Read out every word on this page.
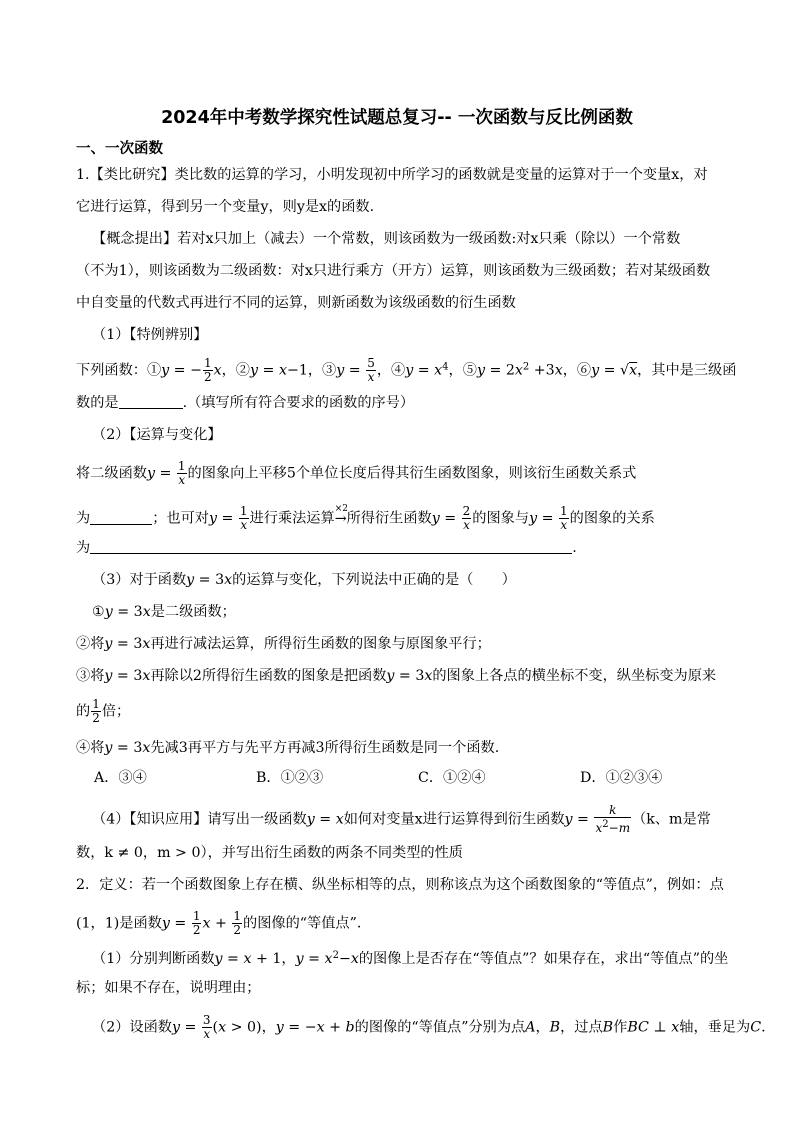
2024年中考数学探究性试题总复习-- 一次函数与反比例函数
一、一次函数
1.【类比研究】类比数的运算的学习，小明发现初中所学习的函数就是变量的运算对于一个变量x，对
它进行运算，得到另一个变量y，则y是x的函数.
【概念提出】若对x只加上（减去）一个常数，则该函数为一级函数:对x只乘（除以）一个常数
（不为1），则该函数为二级函数：对x只进行乘方（开方）运算，则该函数为三级函数；若对某级函数
中自变量的代数式再进行不同的运算，则新函数为该级函数的衍生函数
（1）【特例辨别】
下列函数：①y = − $\frac{1}{2}$ x，②y = x−1，③y = $\frac{5}{x}$ ，④y = $x^4$，⑤y = $2x^2 +3x$，⑥y = √x，其中是三级函
数的是	.（填写所有符合要求的函数的序号）
（2）【运算与变化】
将二级函数$y = \frac{1}{x}$ 的图象向上平移5个单位长度后得其衍生函数图象，则该衍生函数关系式
为	；也可对$y = \frac{1}{x}$ 进行乘法运算
×2
→所得衍生函数$y = \frac{2}{x}$ 的图象与$y = \frac{1}{x}$ 的图象的关系
为	.
（3）对于函数y = 3x的运算与变化，下列说法中正确的是（　　）
①y = 3x是二级函数；
②将y = 3x再进行减法运算，所得衍生函数的图象与原图象平行；
③将y = 3x再除以2所得衍生函数的图象是把函数y = 3x的图象上各点的横坐标不变，纵坐标变为原来
的 $\frac{1}{2}$ 倍；
④将y = 3x先减3再平方与先平方再减3所得衍生函数是同一个函数.
A．③④	B．①②③	C．①②④	D．①②③④
（4）【知识应用】请写出一级函数y = x如何对变量x进行运算得到衍生函数$y = \frac{k}{x^2-m} (k$、m是常
数，k ≠ 0，m > 0），并写出衍生函数的两条不同类型的性质
2．定义：若一个函数图象上存在横、纵坐标相等的点，则称该点为这个函数图象的“等值点”，例如：点
(1，1)是函数$y = \frac{1}{2}$ $x + \frac{1}{2}$ 的图像的“等值点”.
（1）分别判断函数y = x + 1，$y = x^2-x$的图像上是否存在“等值点”？如果存在，求出“等值点”的坐
标；如果不存在，说明理由；
（2）设函数$y = \frac{3}{x} (x > 0)$，y = −x + b的图像的“等值点”分别为点A，B，过点B作BC ⊥ x轴，垂足为C.
